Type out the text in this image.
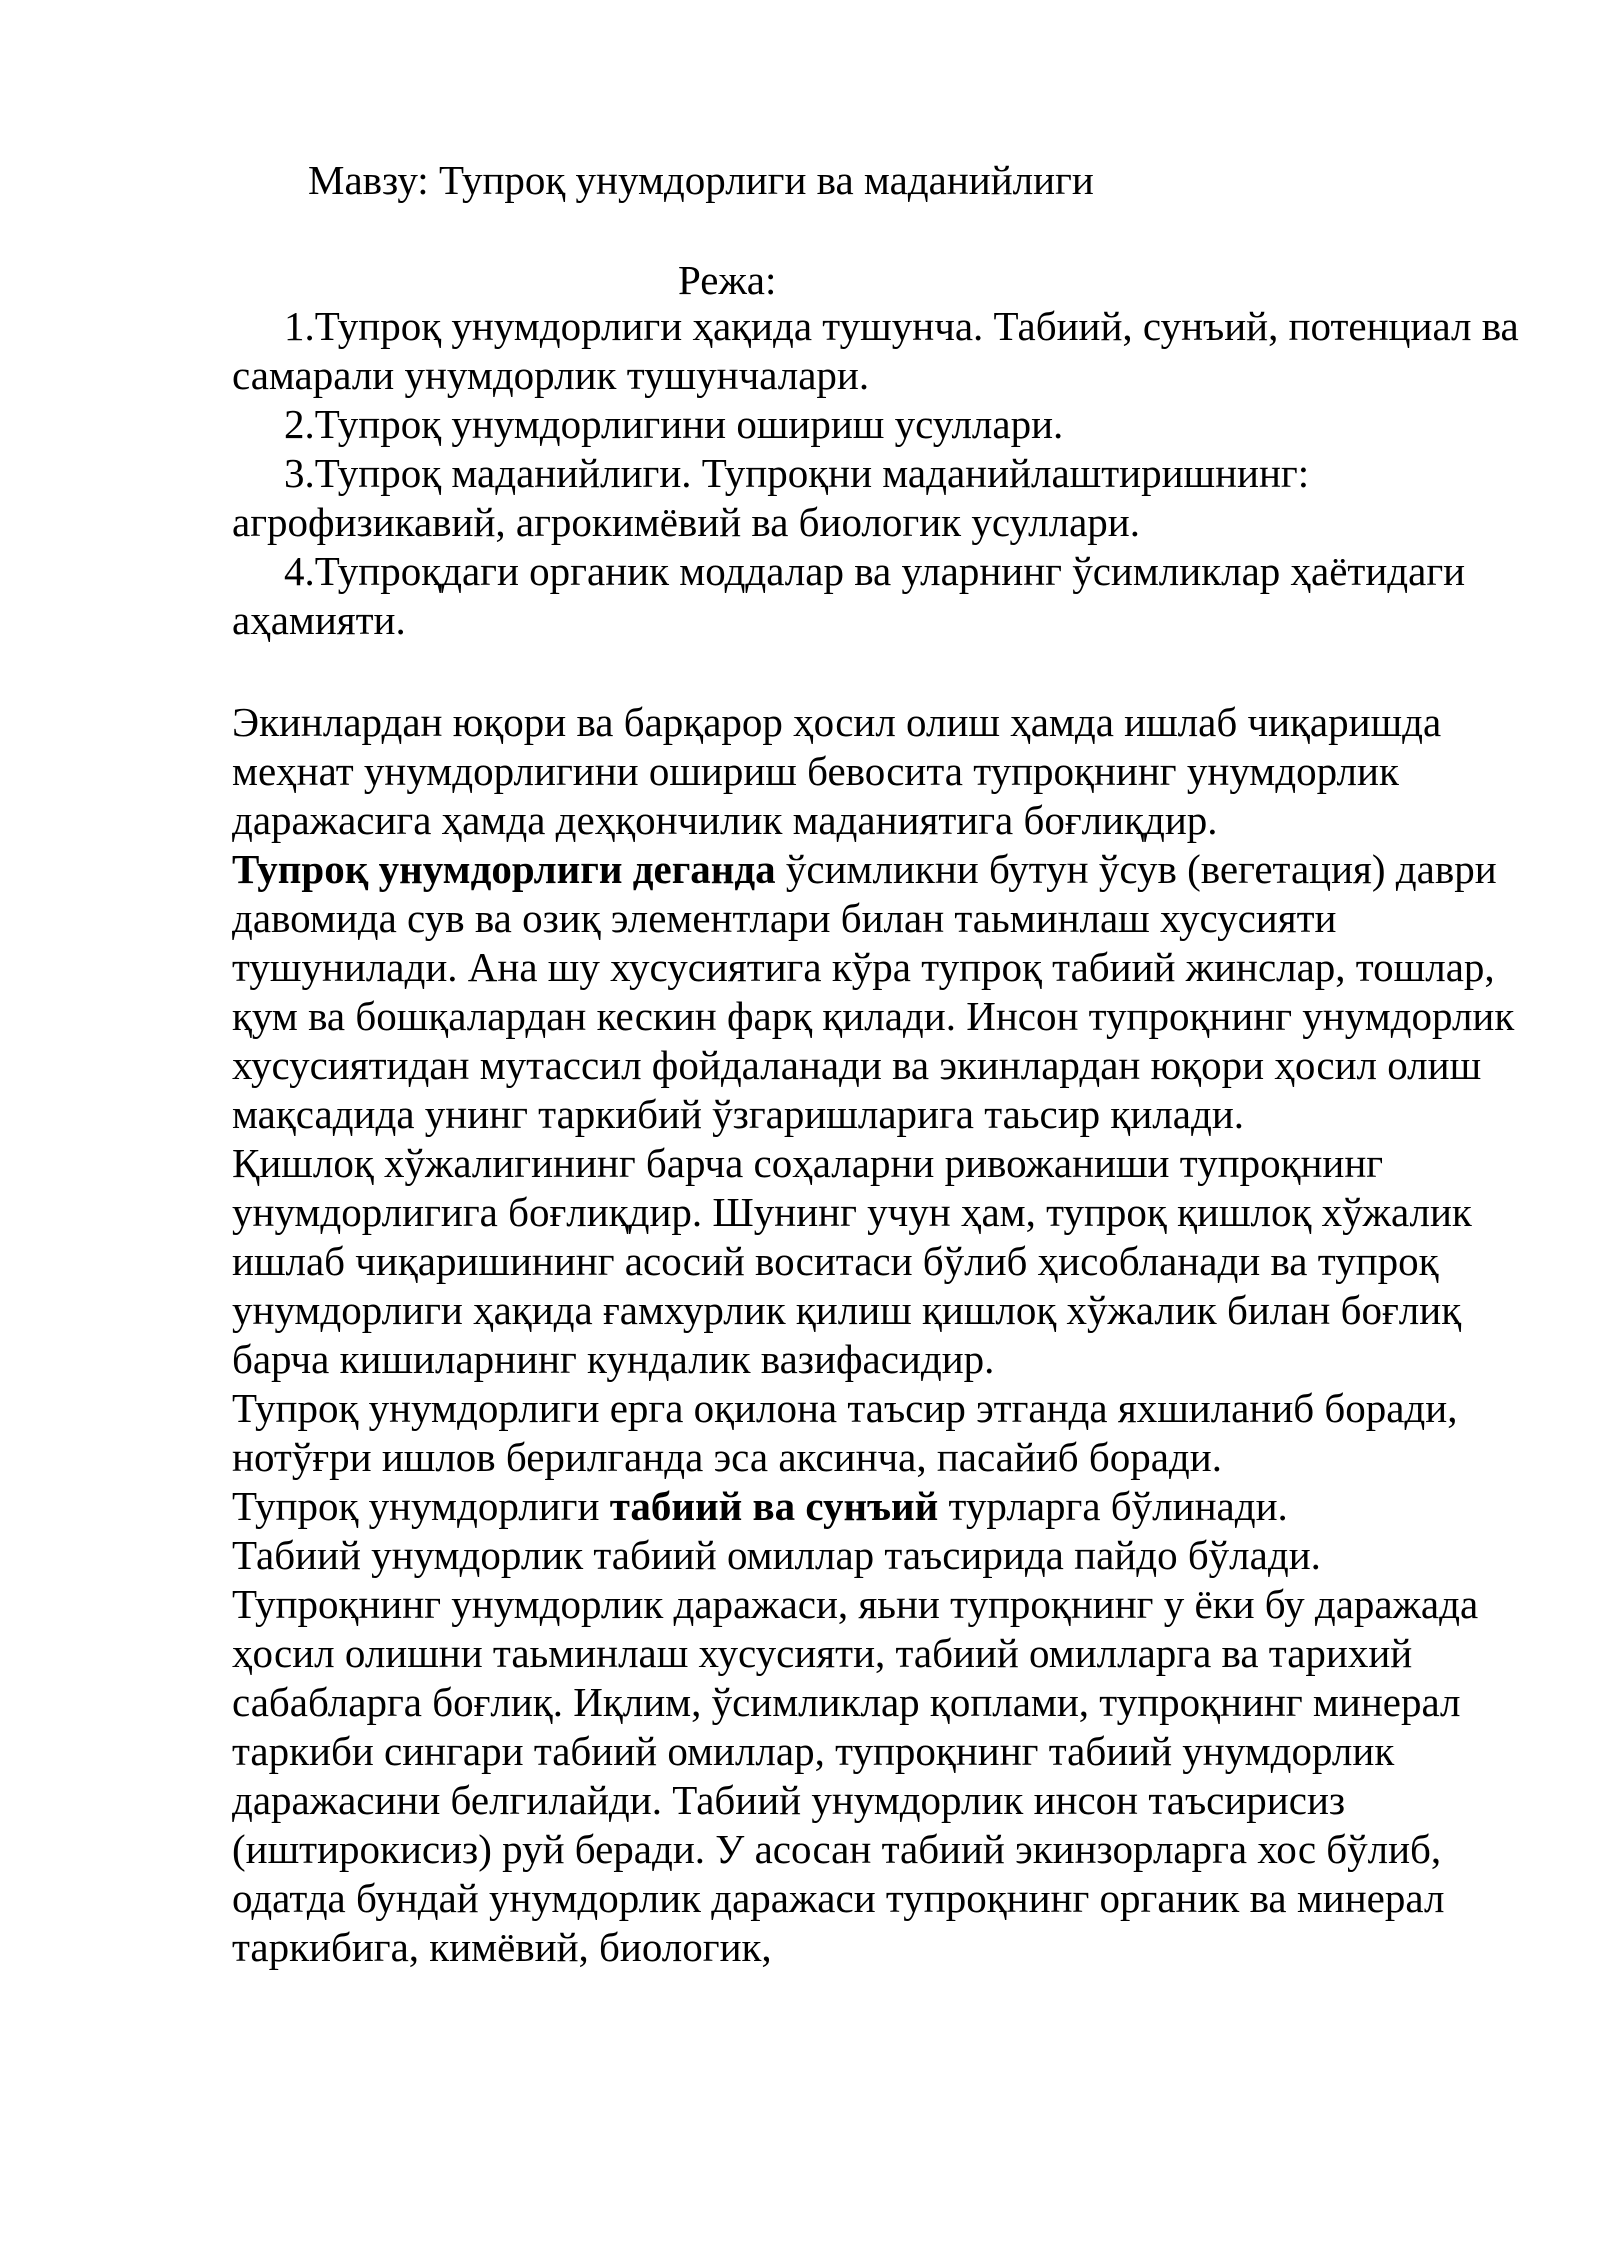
Мавзу: Тупроқ унумдорлиги ва маданийлиги
Режа:

1.Тупроқ унумдорлиги ҳақида тушунча. Табиий, сунъий, потенциал ва самарали унумдорлик тушунчалари.

2.Тупроқ унумдорлигини ошириш усуллари.

3.Тупроқ маданийлиги. Тупроқни маданийлаштиришнинг: агрофизикавий, агрокимёвий ва биологик усуллари.

4.Тупроқдаги органик моддалар ва уларнинг ўсимликлар ҳаётидаги аҳамияти.

Экинлардан юқори ва барқарор ҳосил олиш ҳамда ишлаб чиқаришда меҳнат унумдорлигини ошириш бевосита тупроқнинг унумдорлик даражасига ҳамда деҳқончилик маданиятига боғлиқдир.

Тупроқ унумдорлиги деганда ўсимликни бутун ўсув (вегетация) даври давомида сув ва озиқ элементлари билан таьминлаш хусусияти тушунилади. Ана шу хусусиятига кўра тупроқ табиий жинслар, тошлар, қум ва бошқалардан кескин фарқ қилади. Инсон тупроқнинг унумдорлик хусусиятидан мутассил фойдаланади ва экинлардан юқори ҳосил олиш мақсадида унинг таркибий ўзгаришларига таьсир қилади.

Қишлоқ хўжалигининг барча соҳаларни ривожаниши тупроқнинг унумдорлигига боғлиқдир. Шунинг учун ҳам, тупроқ қишлоқ хўжалик ишлаб чиқаришининг асосий воситаси бўлиб ҳисобланади ва тупроқ унумдорлиги ҳақида ғамхурлик қилиш қишлоқ хўжалик билан боғлиқ барча кишиларнинг кундалик вазифасидир.

Тупроқ унумдорлиги ерга оқилона таъсир этганда яхшиланиб боради, нотўғри ишлов берилганда эса аксинча, пасайиб боради.

Тупроқ унумдорлиги табиий ва сунъий турларга бўлинади.

Табиий унумдорлик табиий омиллар таъсирида пайдо бўлади. Тупроқнинг унумдорлик даражаси, яьни тупроқнинг у ёки бу даражада ҳосил олишни таьминлаш хусусияти, табиий омилларга ва тарихий сабабларга боғлиқ. Иқлим, ўсимликлар қоплами, тупроқнинг минерал таркиби сингари табиий омиллар, тупроқнинг табиий унумдорлик даражасини белгилайди. Табиий унумдорлик инсон таъсирисиз (иштирокисиз) руй беради. У асосан табиий экинзорларга хос бўлиб, одатда бундай унумдорлик даражаси тупроқнинг органик ва минерал таркибига, кимёвий, биологик,
